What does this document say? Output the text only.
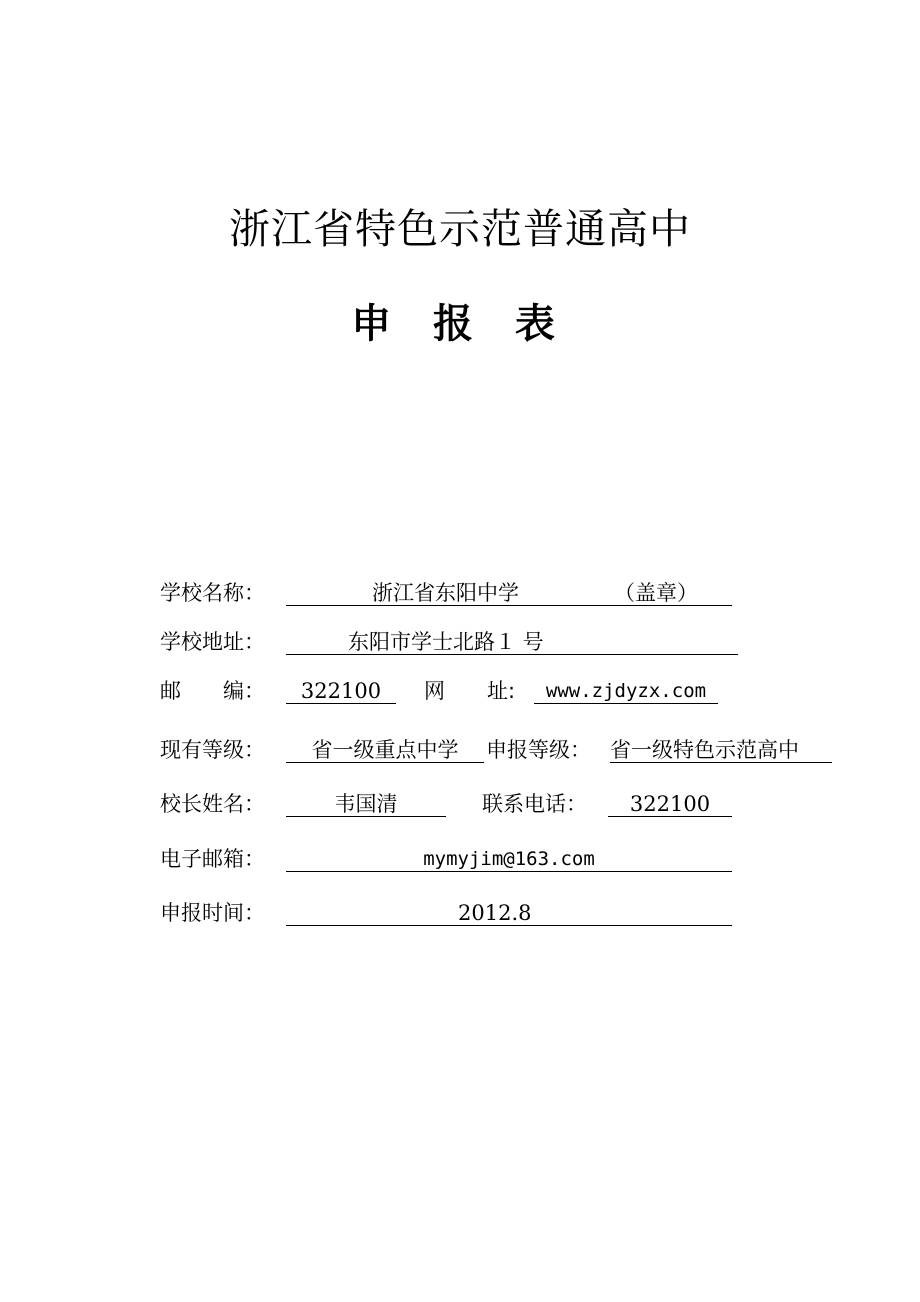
浙江省特色示范普通高中
申 报 表
学校名称：	浙江省东阳中学	（盖章）
学校地址：	东阳市学士北路１ 号
邮　　编：	322100	网　　址:	www.zjdyzx.com
现有等级：	省一级重点中学	申报等级： 省一级特色示范高中
校长姓名：	韦国清	联系电话：	322100
电子邮箱：	mymyjim@163.com
申报时间：	2012.8
